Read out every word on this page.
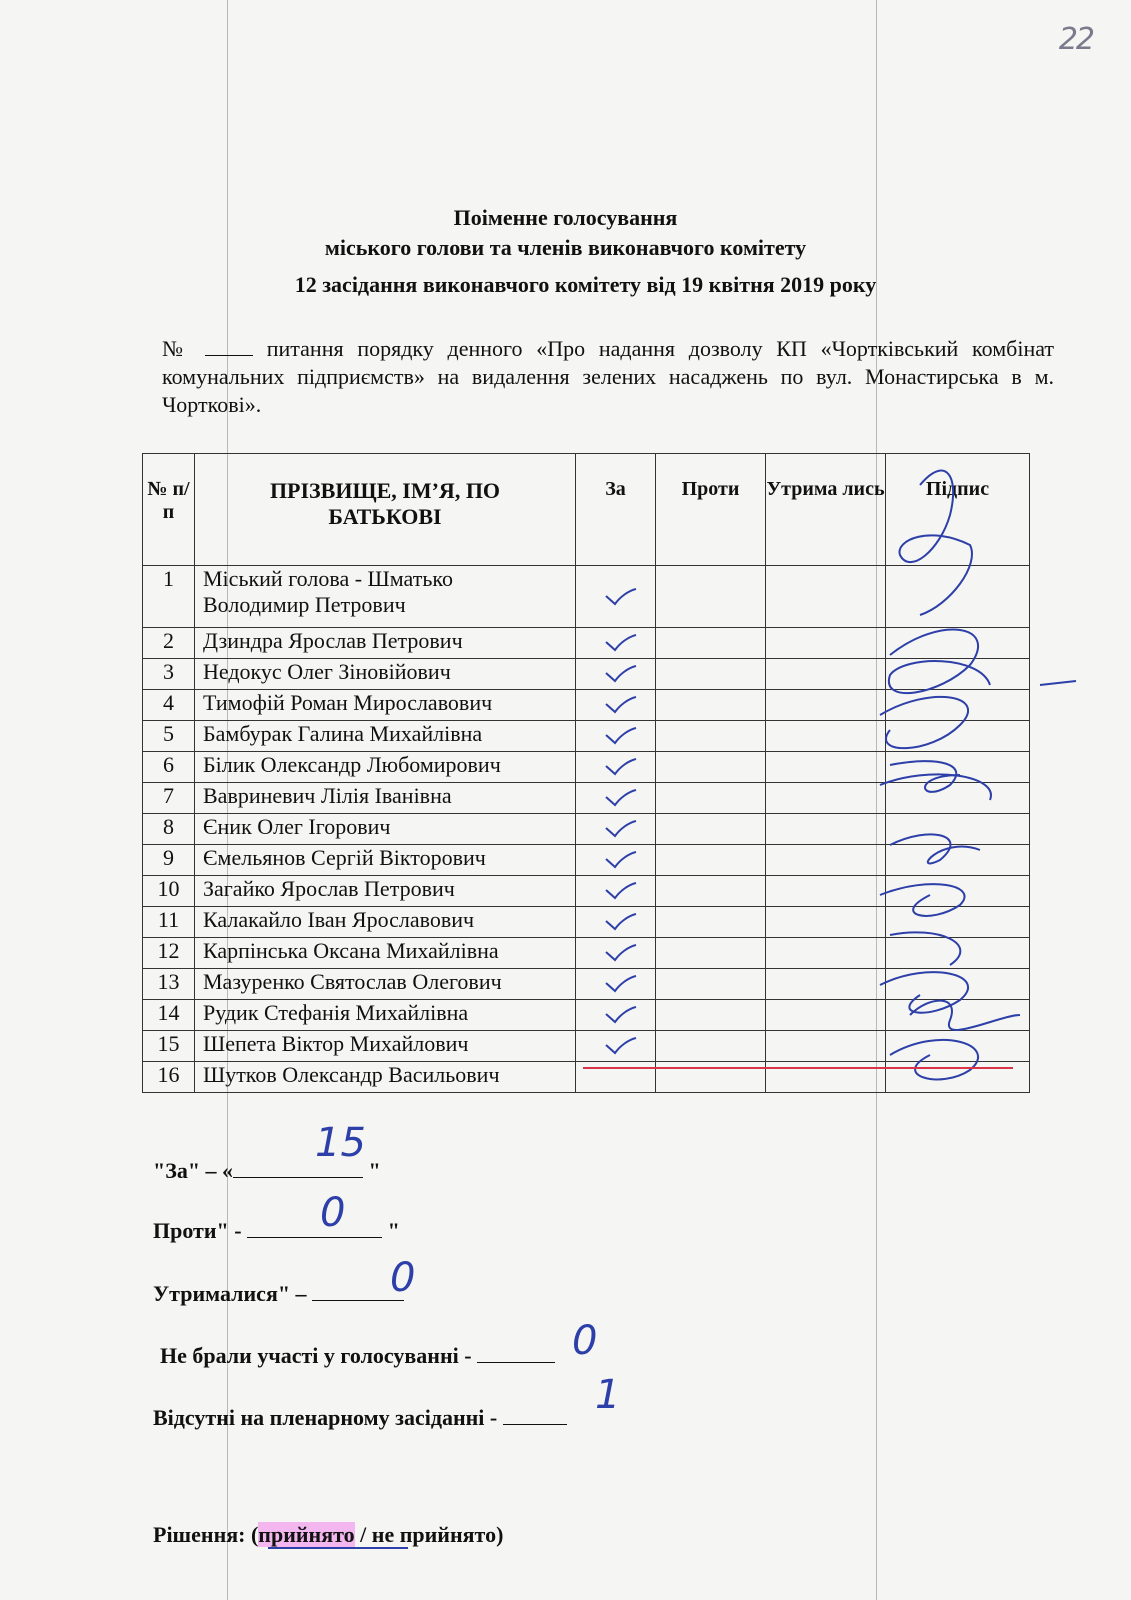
22
Поіменне голосування
міського голови та членів виконавчого комітету
12 засідання виконавчого комітету від 19 квітня 2019 року
№	питання порядку денного «Про надання дозволу КП «Чортківський комбінат комунальних підприємств» на видалення зелених насаджень по вул. Монастирська в м. Чорткові».
№ п/п	ПРІЗВИЩЕ, ІМ’Я, ПО БАТЬКОВІ	За	Проти	Утрима лись	Підпис
1	Міський голова - Шматько
Володимир Петрович

2	Дзиндра Ярослав Петрович

3	Недокус Олег Зіновійович

4	Тимофій Роман Мирославович

5	Бамбурак Галина Михайлівна

6	Білик Олександр Любомирович

7	Вавриневич Лілія Іванівна

8	Єник Олег Ігорович

9	Ємельянов Сергій Вікторович

10	Загайко Ярослав Петрович

11	Калакайло Іван Ярославович

12	Карпінська Оксана Михайлівна

13	Мазуренко Святослав Олегович

14	Рудик Стефанія Михайлівна

15	Шепета Віктор Михайлович

16	Шутков Олександр Васильович				

"За" – «	"
15
Проти" -	"
0
Утрималися" –	0
Не брали участі у голосуванні -	0
Відсутні на пленарному засіданні -	1
Рішення: (прийнято / не прийнято)
